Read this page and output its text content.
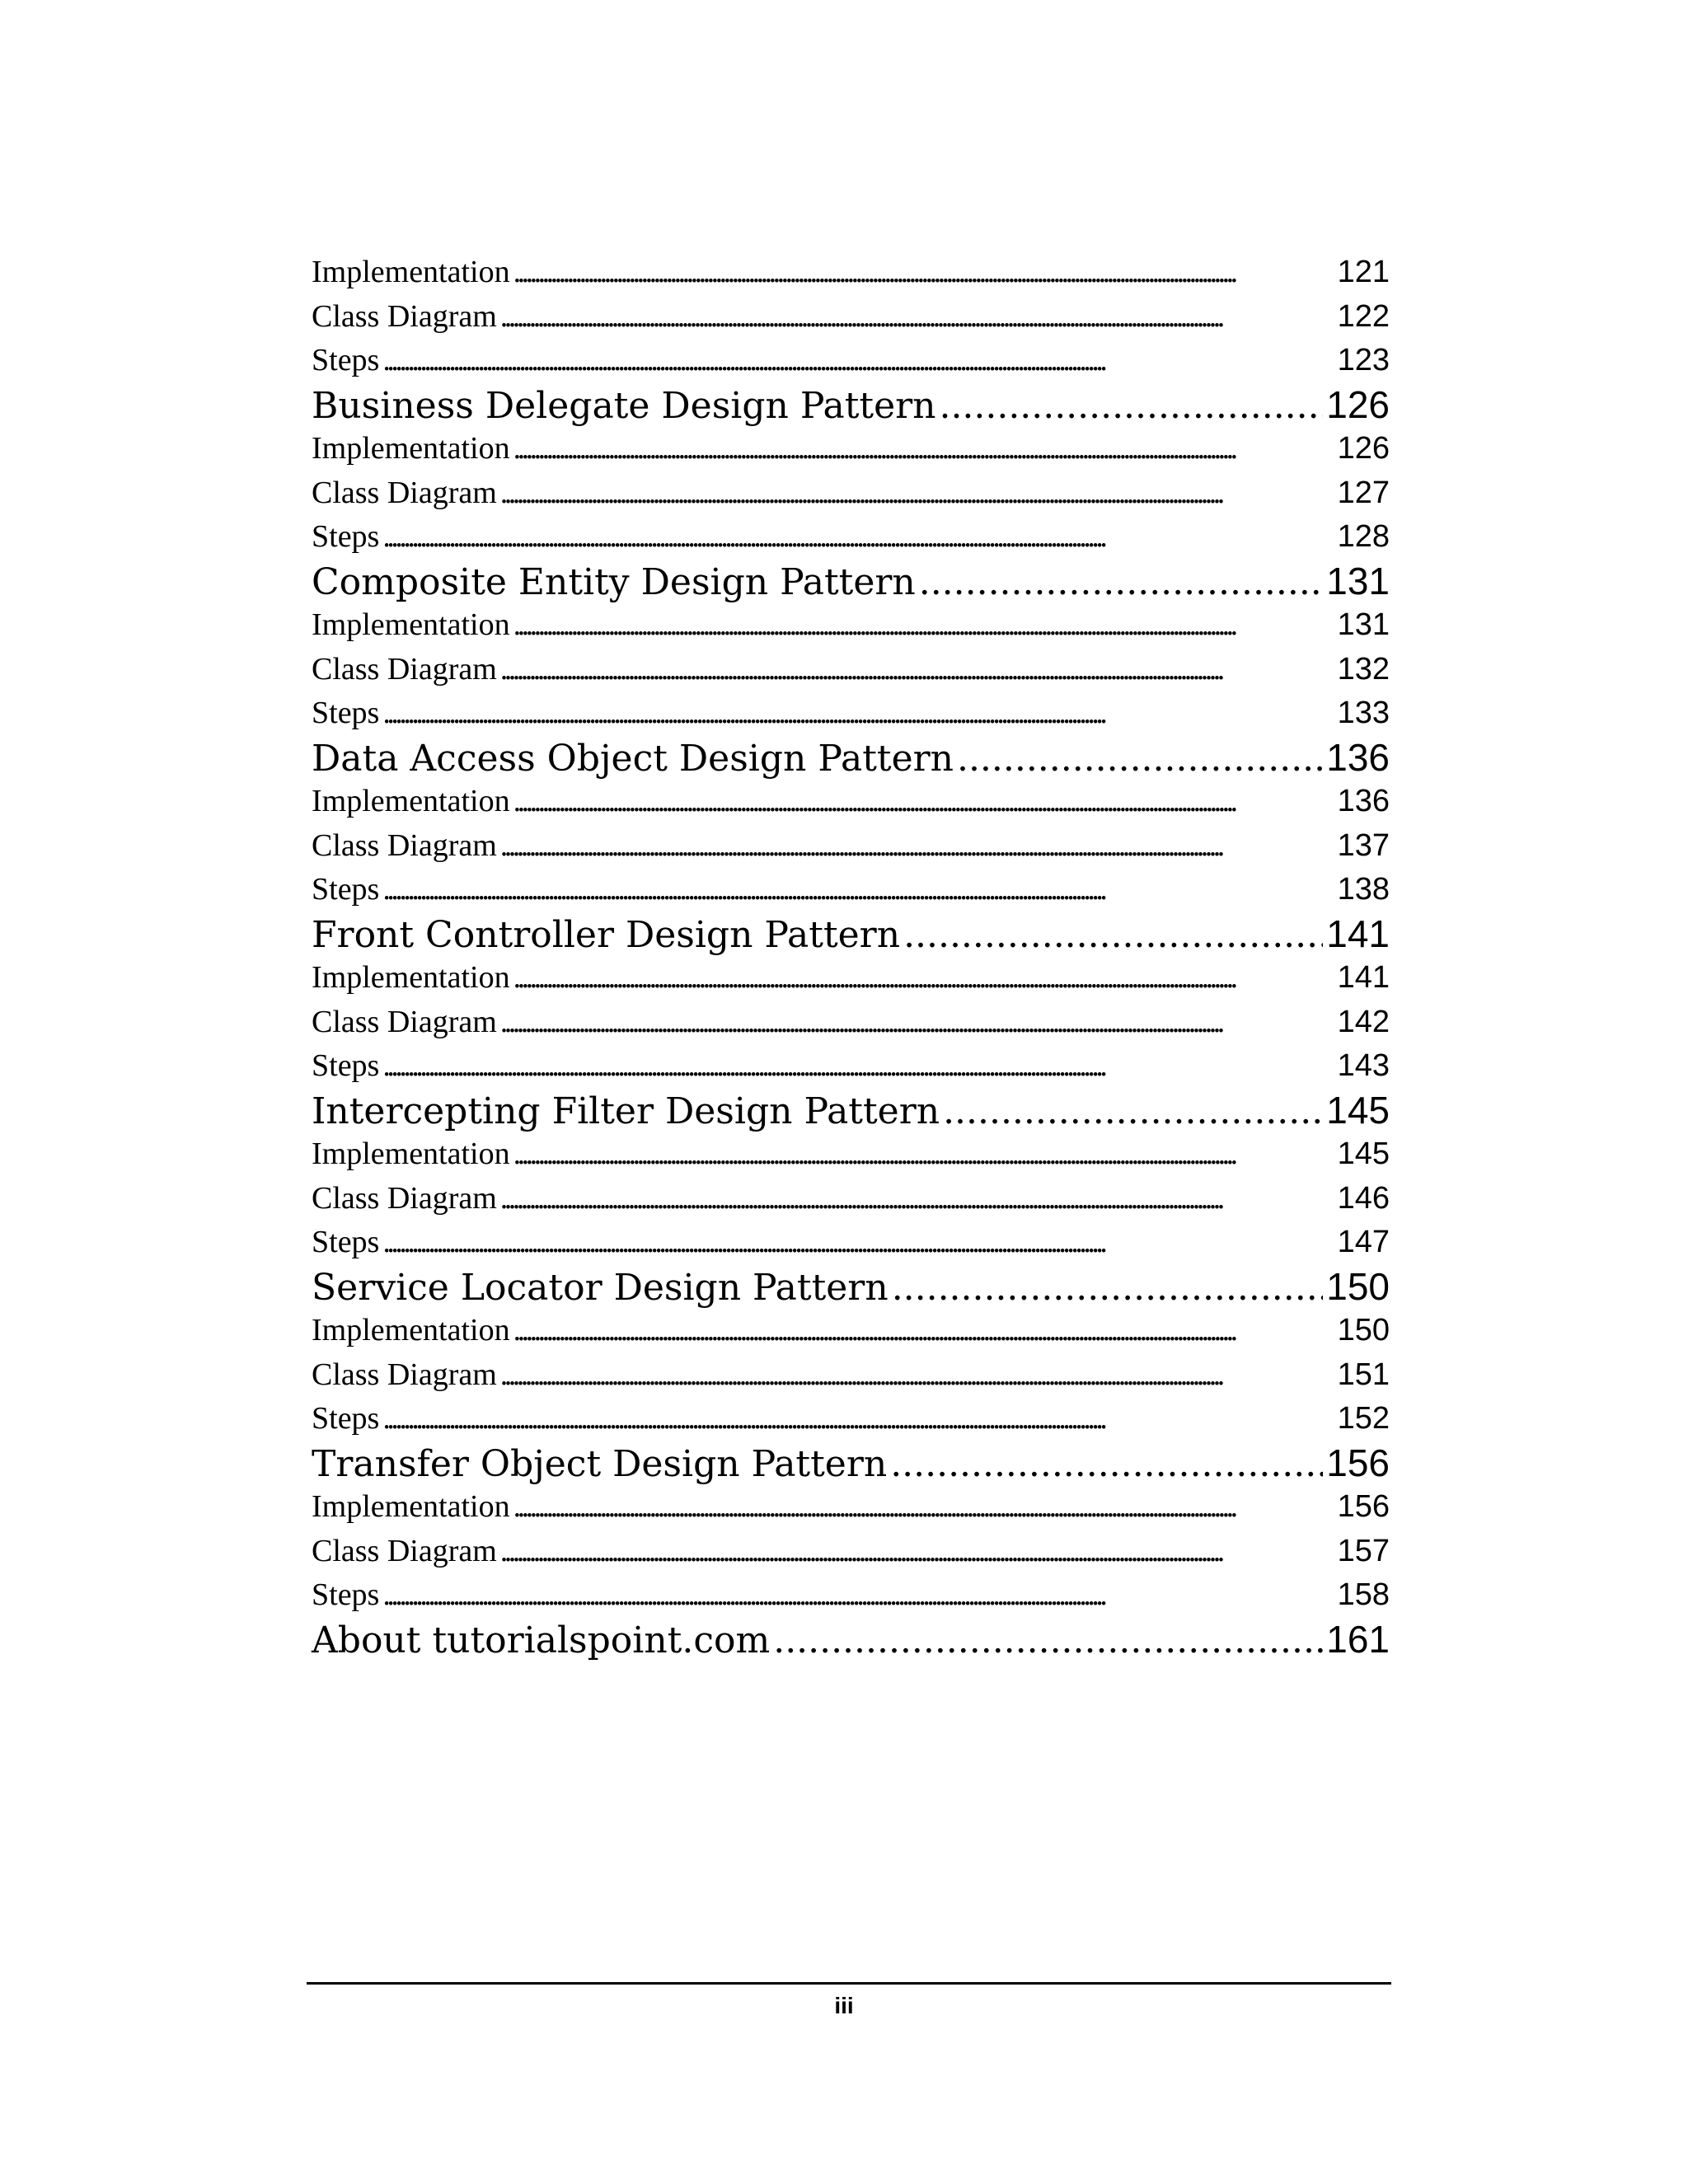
Implementation . . .	121
Class Diagram . . .	122
Steps . . .	123
Business Delegate Design Pattern . . .	126
Implementation . . .	126
Class Diagram . . .	127
Steps . . .	128
Composite Entity Design Pattern . . .	131
Implementation . . .	131
Class Diagram . . .	132
Steps . . .	133
Data Access Object Design Pattern . . .	136
Implementation . . .	136
Class Diagram . . .	137
Steps . . .	138
Front Controller Design Pattern . . .	141
Implementation . . .	141
Class Diagram . . .	142
Steps . . .	143
Intercepting Filter Design Pattern . . .	145
Implementation . . .	145
Class Diagram . . .	146
Steps . . .	147
Service Locator Design Pattern . . .	150
Implementation . . .	150
Class Diagram . . .	151
Steps . . .	152
Transfer Object Design Pattern . . .	156
Implementation . . .	156
Class Diagram . . .	157
Steps . . .	158
About tutorialspoint.com . . .	161
iii
